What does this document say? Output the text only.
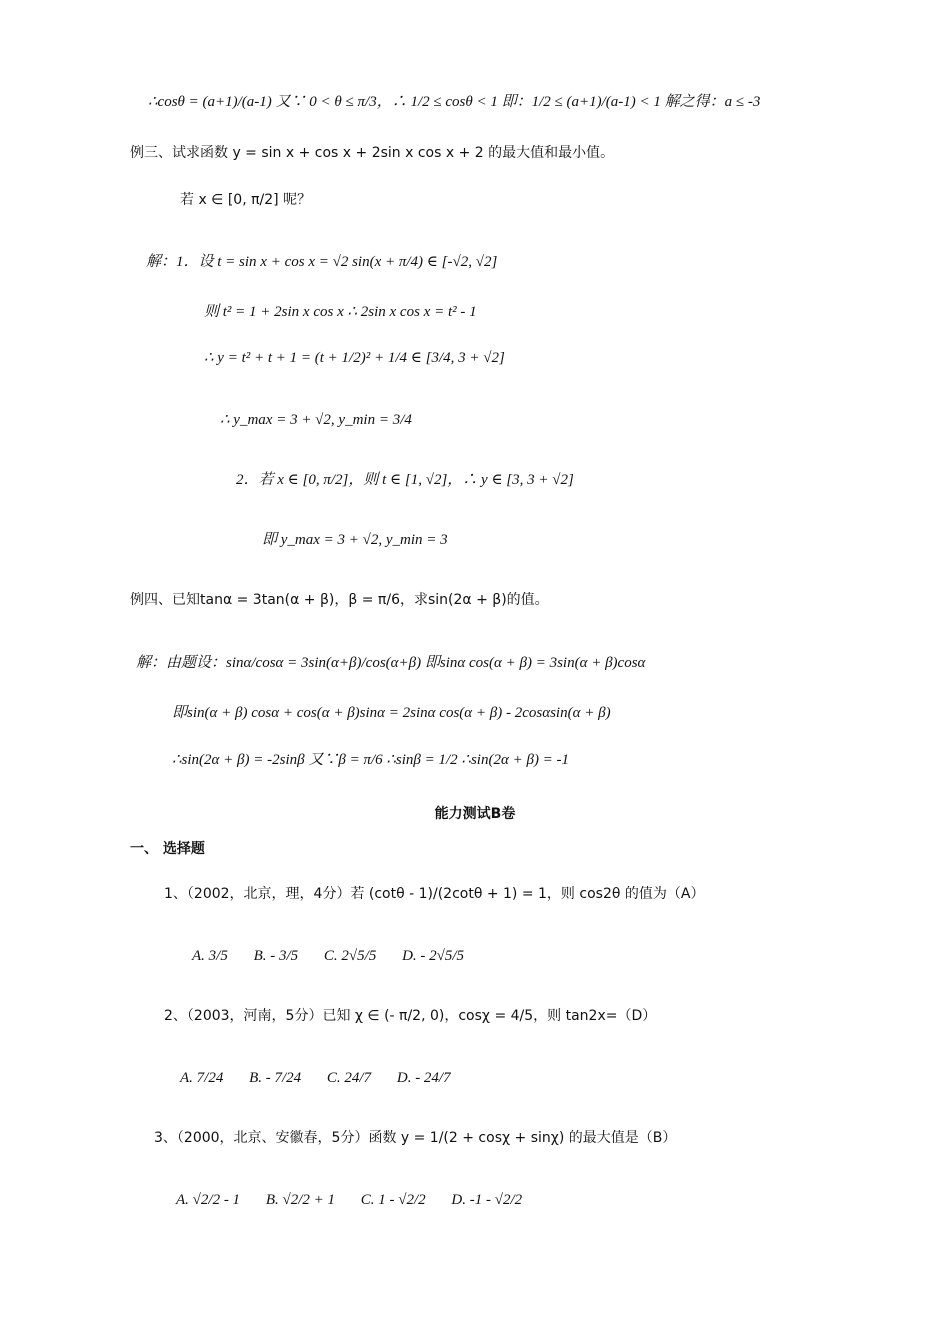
∴cosθ = (a+1)/(a-1) 又∵ 0 < θ ≤ π/3，∴ 1/2 ≤ cosθ < 1 即：1/2 ≤ (a+1)/(a-1) < 1 解之得：a ≤ -3
例三、试求函数 y = sin x + cos x + 2sin x cos x + 2 的最大值和最小值。
若 x ∈ [0, π/2] 呢？
解：1．设 t = sin x + cos x = √2 sin(x + π/4) ∈ [-√2, √2]
则 t² = 1 + 2sin x cos x ∴ 2sin x cos x = t² - 1
∴ y = t² + t + 1 = (t + 1/2)² + 1/4 ∈ [3/4, 3 + √2]
∴ y_max = 3 + √2, y_min = 3/4
2．若 x ∈ [0, π/2]，则 t ∈ [1, √2]，∴ y ∈ [3, 3 + √2]
即 y_max = 3 + √2, y_min = 3
例四、已知tanα = 3tan(α + β)，β = π/6，求sin(2α + β)的值。
解：由题设：sinα/cosα = 3sin(α+β)/cos(α+β) 即sinα cos(α + β) = 3sin(α + β)cosα
即sin(α + β) cosα + cos(α + β)sinα = 2sinα cos(α + β) - 2cosαsin(α + β)
∴sin(2α + β) = -2sinβ 又∵β = π/6 ∴sinβ = 1/2 ∴sin(2α + β) = -1
能力测试B卷
一、 选择题
1、（2002，北京，理，4分）若 (cotθ - 1)/(2cotθ + 1) = 1，则 cos2θ 的值为（A）
A. 3/5 B. - 3/5 C. 2√5/5 D. - 2√5/5
2、（2003，河南，5分）已知 χ ∈ (- π/2, 0)，cosχ = 4/5，则 tan2x=（D）
A. 7/24 B. - 7/24 C. 24/7 D. - 24/7
3、（2000，北京、安徽春，5分）函数 y = 1/(2 + cosχ + sinχ) 的最大值是（B）
A. √2/2 - 1 B. √2/2 + 1 C. 1 - √2/2 D. -1 - √2/2
